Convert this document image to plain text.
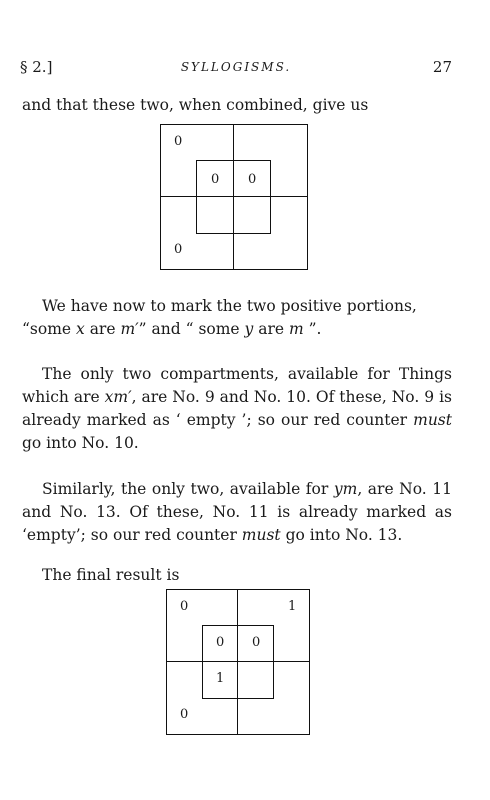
§ 2.]	SYLLOGISMS.	27
and that these two, when combined, give us
0
0 0
0
We have now to mark the two positive portions,
“some x are m′” and “ some y are m ”.
The only two compartments, available for Things which are xm′, are No. 9 and No. 10. Of these, No. 9 is already marked as ‘ empty ’; so our red counter must go into No. 10.
Similarly, the only two, available for ym, are No. 11 and No. 13. Of these, No. 11 is already marked as ‘empty’; so our red counter must go into No. 13.
The final result is
0	1
0 0
1
0
